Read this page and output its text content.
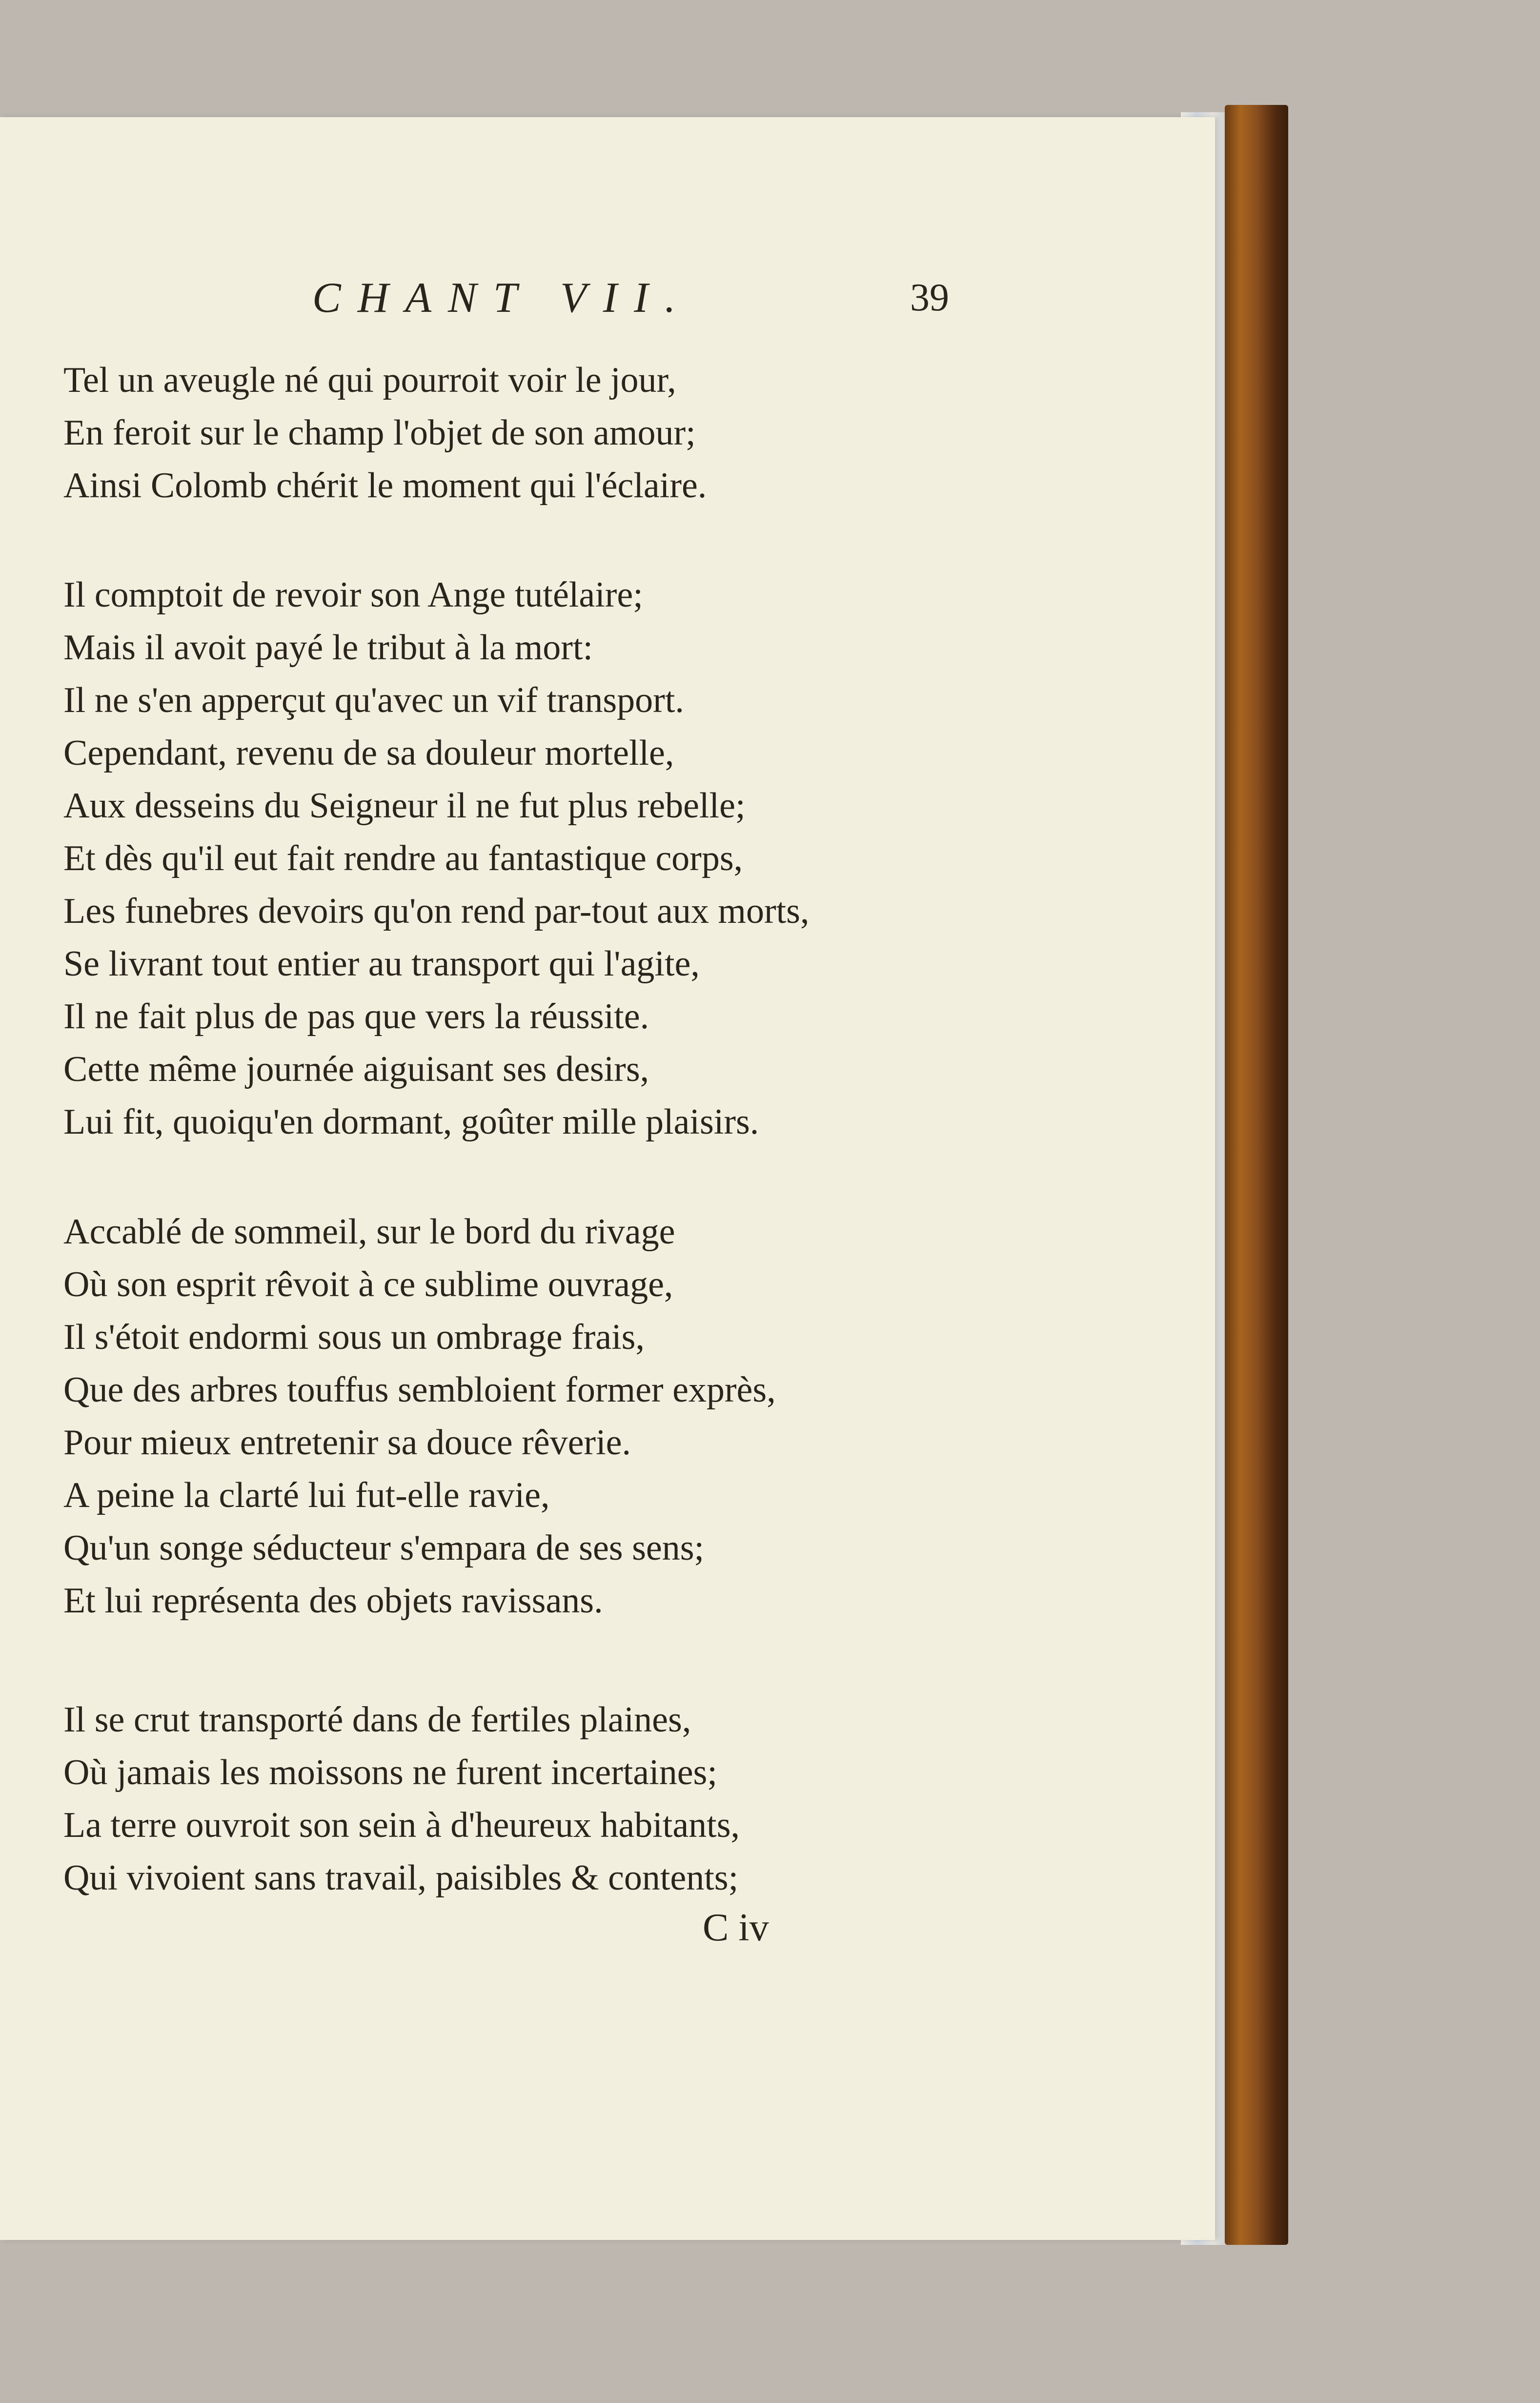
CHANT VII.	39
Tel un aveugle né qui pourroit voir le jour,
En feroit sur le champ l'objet de son amour;
Ainsi Colomb chérit le moment qui l'éclaire.
Il comptoit de revoir son Ange tutélaire;
Mais il avoit payé le tribut à la mort:
Il ne s'en apperçut qu'avec un vif transport.
Cependant, revenu de sa douleur mortelle,
Aux desseins du Seigneur il ne fut plus rebelle;
Et dès qu'il eut fait rendre au fantastique corps,
Les funebres devoirs qu'on rend par-tout aux morts,
Se livrant tout entier au transport qui l'agite,
Il ne fait plus de pas que vers la réussite.
Cette même journée aiguisant ses desirs,
Lui fit, quoiqu'en dormant, goûter mille plaisirs.
Accablé de sommeil, sur le bord du rivage
Où son esprit rêvoit à ce sublime ouvrage,
Il s'étoit endormi sous un ombrage frais,
Que des arbres touffus sembloient former exprès,
Pour mieux entretenir sa douce rêverie.
A peine la clarté lui fut-elle ravie,
Qu'un songe séducteur s'empara de ses sens;
Et lui représenta des objets ravissans.
Il se crut transporté dans de fertiles plaines,
Où jamais les moissons ne furent incertaines;
La terre ouvroit son sein à d'heureux habitants,
Qui vivoient sans travail, paisibles & contents;
C iv
